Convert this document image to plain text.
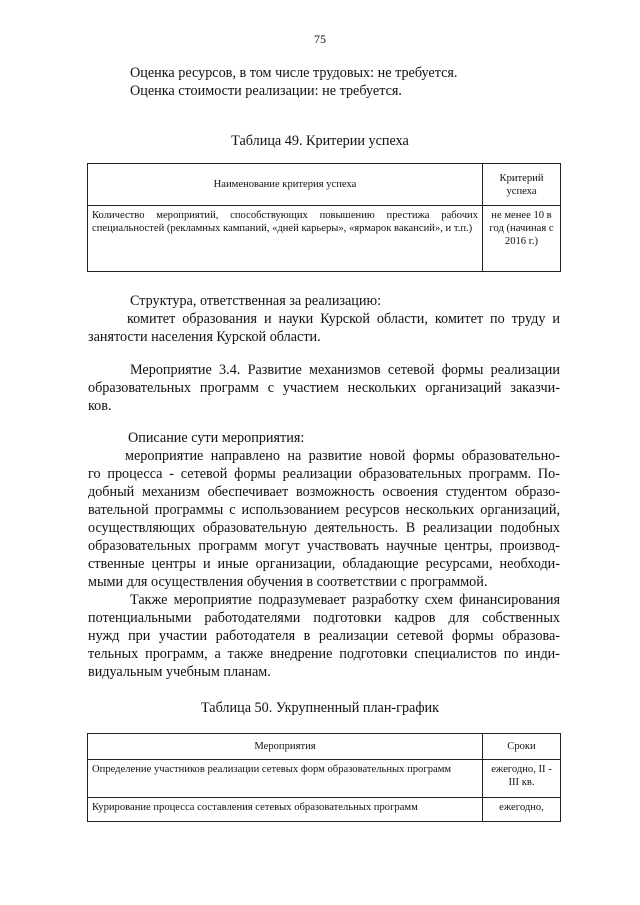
75
Оценка ресурсов, в том числе трудовых: не требуется.
Оценка стоимости реализации: не требуется.
Таблица 49. Критерии успеха
Наименование критерия успеха	Критерий успеха
Количество мероприятий, способствующих повышению престижа рабочих специальностей (рекламных кампаний, «дней карьеры», «ярмарок вакансий», и т.п.)	не менее 10 в год (начиная с 2016 г.)
Структура, ответственная за реализацию:
комитет образования и науки Курской области, комитет по труду и
занятости населения Курской области.
Мероприятие 3.4. Развитие механизмов сетевой формы реализации
образовательных программ с участием нескольких организаций заказчи-
ков.
Описание сути мероприятия:
мероприятие направлено на развитие новой формы образовательно-
го процесса - сетевой формы реализации образовательных программ. По-
добный механизм обеспечивает возможность освоения студентом образо-
вательной программы с использованием ресурсов нескольких организаций,
осуществляющих образовательную деятельность. В реализации подобных
образовательных программ могут участвовать научные центры, производ-
ственные центры и иные организации, обладающие ресурсами, необходи-
мыми для осуществления обучения в соответствии с программой.
Также мероприятие подразумевает разработку схем финансирования
потенциальными работодателями подготовки кадров для собственных
нужд при участии работодателя в реализации сетевой формы образова-
тельных программ, а также внедрение подготовки специалистов по инди-
видуальным учебным планам.
Таблица 50. Укрупненный план-график
Мероприятия	Сроки
Определение участников реализации сетевых форм образовательных программ	ежегодно, II - III кв.
Курирование процесса составления сетевых образовательных программ	ежегодно,
